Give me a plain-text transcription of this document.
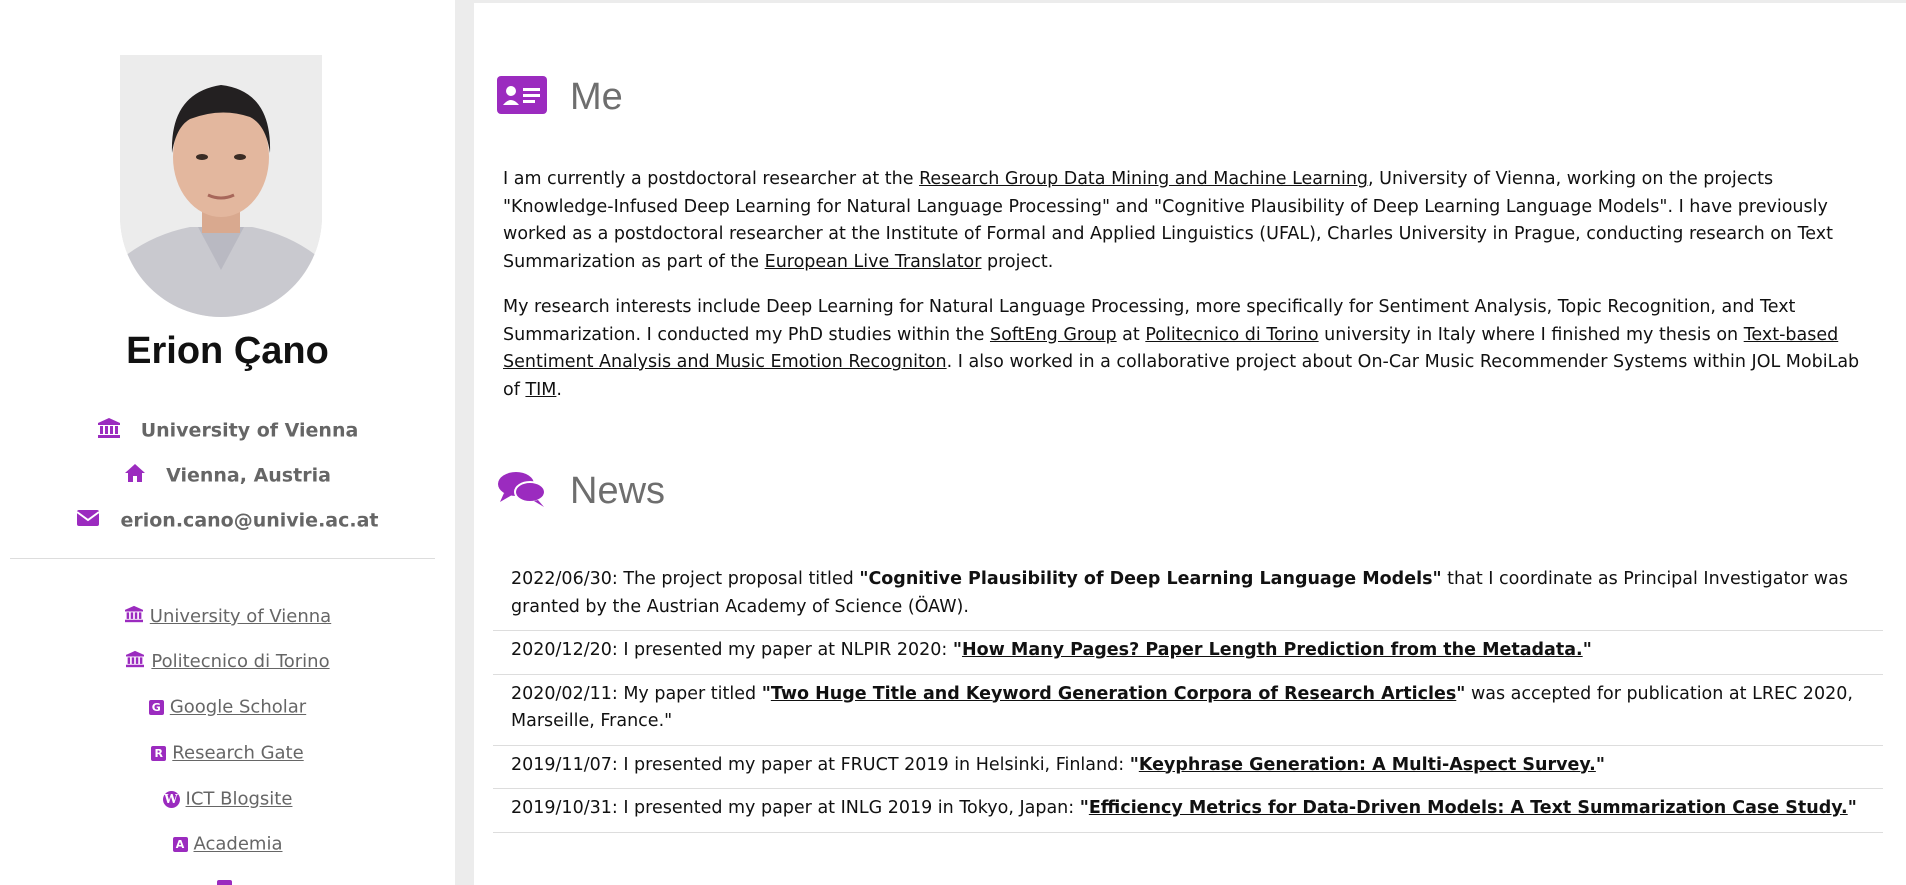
Erion Çano
University of Vienna
Vienna, Austria
erion.cano@univie.ac.at
University of Vienna
Politecnico di Torino
G Google Scholar
R Research Gate
W ICT Blogsite
A Academia
Me

I am currently a postdoctoral researcher at the Research Group Data Mining and Machine Learning, University of Vienna, working on the projects "Knowledge-Infused Deep Learning for Natural Language Processing" and "Cognitive Plausibility of Deep Learning Language Models". I have previously worked as a postdoctoral researcher at the Institute of Formal and Applied Linguistics (UFAL), Charles University in Prague, conducting research on Text Summarization as part of the European Live Translator project.

My research interests include Deep Learning for Natural Language Processing, more specifically for Sentiment Analysis, Topic Recognition, and Text Summarization. I conducted my PhD studies within the SoftEng Group at Politecnico di Torino university in Italy where I finished my thesis on Text-based Sentiment Analysis and Music Emotion Recogniton. I also worked in a collaborative project about On-Car Music Recommender Systems within JOL MobiLab of TIM.

News
2022/06/30: The project proposal titled "Cognitive Plausibility of Deep Learning Language Models" that I coordinate as Principal Investigator was granted by the Austrian Academy of Science (ÖAW).
2020/12/20: I presented my paper at NLPIR 2020: "How Many Pages? Paper Length Prediction from the Metadata."
2020/02/11: My paper titled "Two Huge Title and Keyword Generation Corpora of Research Articles" was accepted for publication at LREC 2020, Marseille, France."
2019/11/07: I presented my paper at FRUCT 2019 in Helsinki, Finland: "Keyphrase Generation: A Multi-Aspect Survey."
2019/10/31: I presented my paper at INLG 2019 in Tokyo, Japan: "Efficiency Metrics for Data-Driven Models: A Text Summarization Case Study."
